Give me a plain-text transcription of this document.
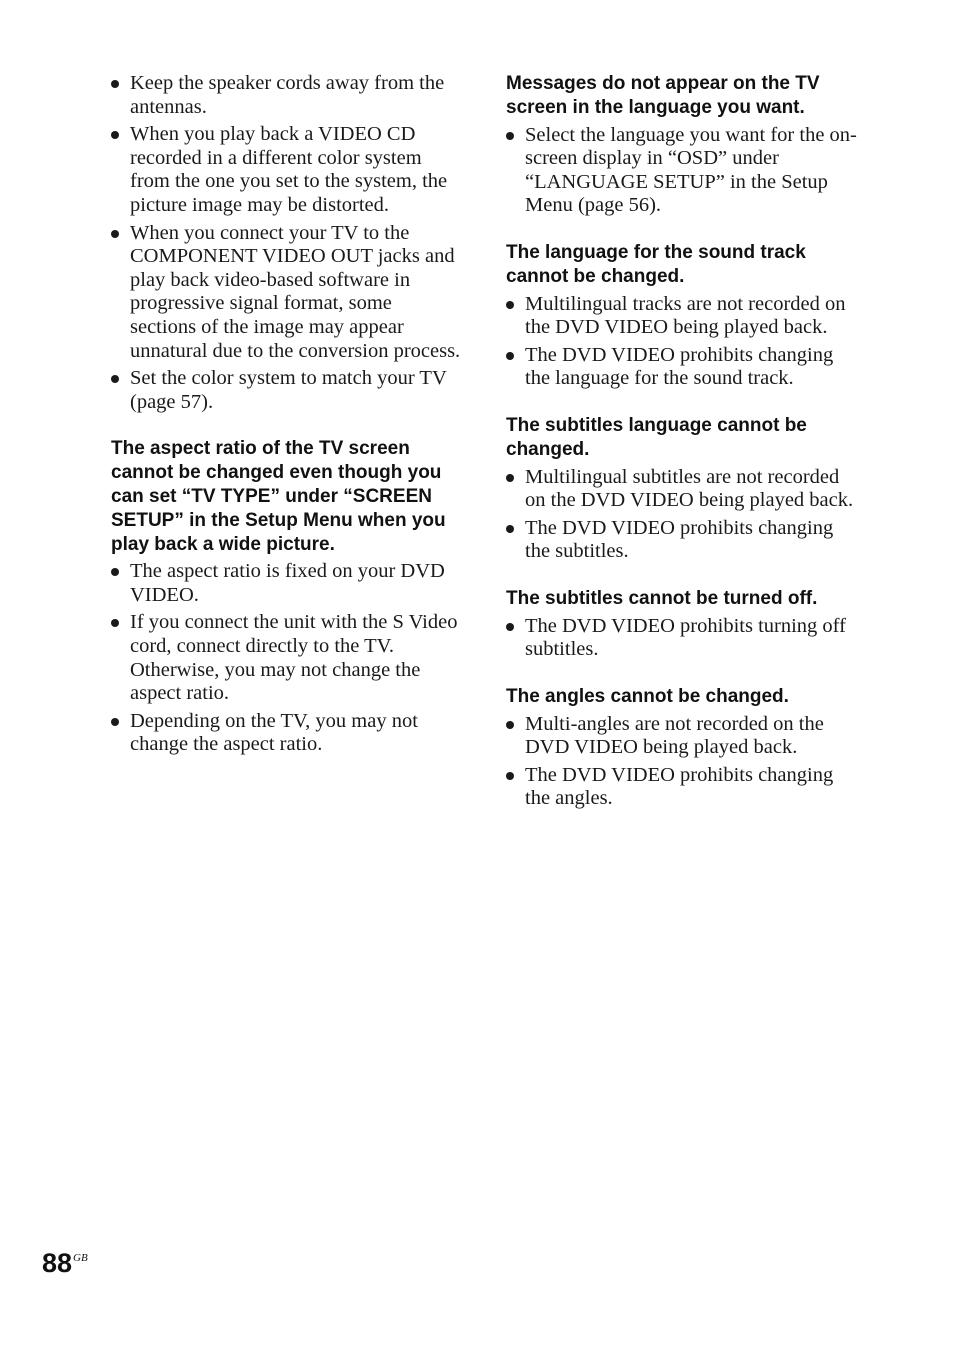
Keep the speaker cords away from the antennas.
When you play back a VIDEO CD recorded in a different color system from the one you set to the system, the picture image may be distorted.
When you connect your TV to the COMPONENT VIDEO OUT jacks and play back video-based software in progressive signal format, some sections of the image may appear unnatural due to the conversion process.
Set the color system to match your TV (page 57).
The aspect ratio of the TV screen cannot be changed even though you can set “TV TYPE” under “SCREEN SETUP” in the Setup Menu when you play back a wide picture.
The aspect ratio is fixed on your DVD VIDEO.
If you connect the unit with the S Video cord, connect directly to the TV. Otherwise, you may not change the aspect ratio.
Depending on the TV, you may not change the aspect ratio.
Messages do not appear on the TV screen in the language you want.
Select the language you want for the on-screen display in “OSD” under “LANGUAGE SETUP” in the Setup Menu (page 56).
The language for the sound track cannot be changed.
Multilingual tracks are not recorded on the DVD VIDEO being played back.
The DVD VIDEO prohibits changing the language for the sound track.
The subtitles language cannot be changed.
Multilingual subtitles are not recorded on the DVD VIDEO being played back.
The DVD VIDEO prohibits changing the subtitles.
The subtitles cannot be turned off.
The DVD VIDEO prohibits turning off subtitles.
The angles cannot be changed.
Multi-angles are not recorded on the DVD VIDEO being played back.
The DVD VIDEO prohibits changing the angles.
$88^{GB}$
